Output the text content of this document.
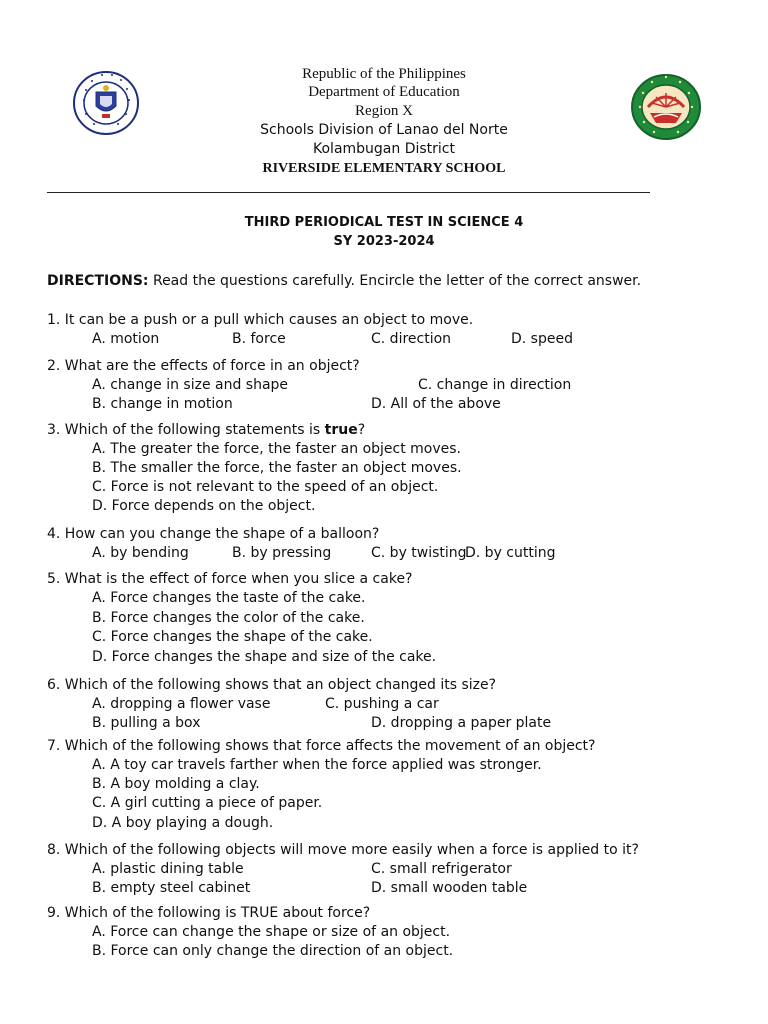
Republic of the Philippines
Department of Education
Region X
Schools Division of Lanao del Norte
Kolambugan District
RIVERSIDE ELEMENTARY SCHOOL
THIRD PERIODICAL TEST IN SCIENCE 4
SY 2023-2024
DIRECTIONS: Read the questions carefully. Encircle the letter of the correct answer.
1. It can be a push or a pull which causes an object to move.
A. motion	B. force	C. direction	D. speed
2. What are the effects of force in an object?
A. change in size and shape	C. change in direction
B. change in motion	D. All of the above
3. Which of the following statements is true?
A. The greater the force, the faster an object moves.
B. The smaller the force, the faster an object moves.
C. Force is not relevant to the speed of an object.
D. Force depends on the object.
4. How can you change the shape of a balloon?
A. by bending	B. by pressing	C. by twisting
D. by cutting
5. What is the effect of force when you slice a cake?
A. Force changes the taste of the cake.
B. Force changes the color of the cake.
C. Force changes the shape of the cake.
D. Force changes the shape and size of the cake.
6. Which of the following shows that an object changed its size?
A. dropping a flower vase	C. pushing a car
B. pulling a box	D. dropping a paper plate
7. Which of the following shows that force affects the movement of an object?
A. A toy car travels farther when the force applied was stronger.
B. A boy molding a clay.
C. A girl cutting a piece of paper.
D. A boy playing a dough.
8. Which of the following objects will move more easily when a force is applied to it?
A. plastic dining table	C. small refrigerator
B. empty steel cabinet	D. small wooden table
9. Which of the following is TRUE about force?
A. Force can change the shape or size of an object.
B. Force can only change the direction of an object.
